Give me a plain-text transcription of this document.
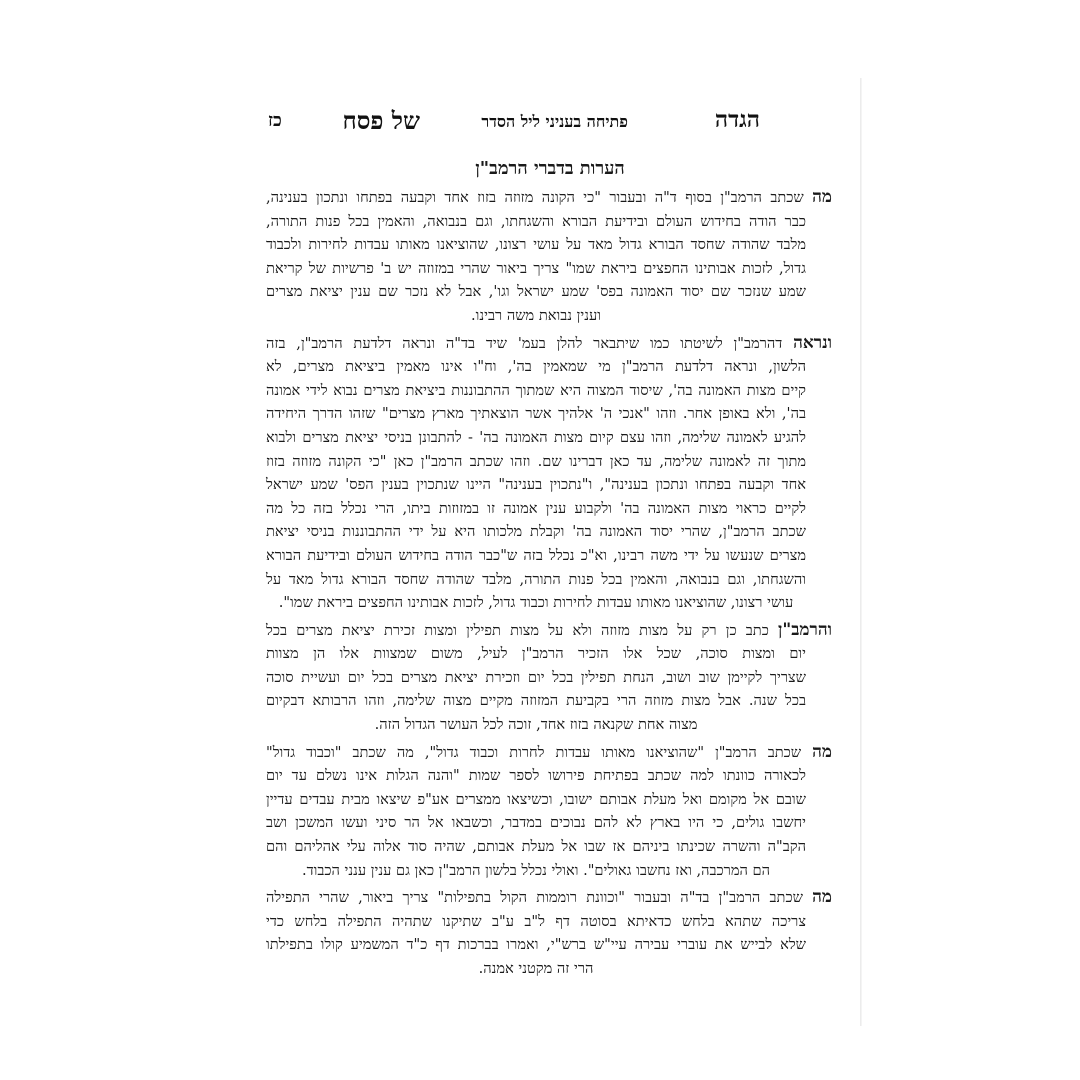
הגדה
פתיחה בעניני ליל הסדר
של פסח
כז
הערות בדברי הרמב"ן
מה שכתב הרמב"ן בסוף ד"ה ובעבור "כי הקונה מזוזה בזוז אחד וקבעה בפתחו ונתכון בענינה,
כבר הודה בחידוש העולם ובידיעת הבורא והשגחתו, וגם בנבואה, והאמין בכל פנות התורה,
מלבד שהודה שחסד הבורא גדול מאד על עושי רצונו, שהוציאנו מאותו עבדות לחירות ולכבוד
גדול, לזכות אבותינו החפצים ביראת שמו" צריך ביאור שהרי במזוזה יש ב' פרשיות של קריאת
שמע שנזכר שם יסוד האמונה בפס' שמע ישראל וגו', אבל לא נזכר שם ענין יציאת מצרים
וענין נבואת משה רבינו.
ונראה דהרמב"ן לשיטתו כמו שיתבאר להלן בעמ' שיד בד"ה ונראה דלדעת הרמב"ן, בזה
הלשון, ונראה דלדעת הרמב"ן מי שמאמין בה', וח"ו אינו מאמין ביציאת מצרים, לא
קיים מצות האמונה בה', שיסוד המצוה היא שמתוך ההתבוננות ביציאת מצרים נבוא לידי אמונה
בה', ולא באופן אחר. וזהו "אנכי ה' אלהיך אשר הוצאתיך מארץ מצרים" שזהו הדרך היחידה
להגיע לאמונה שלימה, וזהו עצם קיום מצות האמונה בה' - להתבונן בניסי יציאת מצרים ולבוא
מתוך זה לאמונה שלימה, עד כאן דברינו שם. וזהו שכתב הרמב"ן כאן "כי הקונה מזוזה בזוז
אחד וקבעה בפתחו ונתכון בענינה", ו"נתכוין בענינה" היינו שנתכוין בענין הפס' שמע ישראל
לקיים כראוי מצות האמונה בה' ולקבוע ענין אמונה זו במזוזות ביתו, הרי נכלל בזה כל מה
שכתב הרמב"ן, שהרי יסוד האמונה בה' וקבלת מלכותו היא על ידי ההתבוננות בניסי יציאת
מצרים שנעשו על ידי משה רבינו, וא"כ נכלל בזה ש"כבר הודה בחידוש העולם ובידיעת הבורא
והשגחתו, וגם בנבואה, והאמין בכל פנות התורה, מלבד שהודה שחסד הבורא גדול מאד על
עושי רצונו, שהוציאנו מאותו עבדות לחירות וכבוד גדול, לזכות אבותינו החפצים ביראת שמו".
והרמב"ן כתב כן רק על מצות מזוזה ולא על מצות תפילין ומצות זכירת יציאת מצרים בכל
יום ומצות סוכה, שכל אלו הזכיר הרמב"ן לעיל, משום שמצוות אלו הן מצוות
שצריך לקיימן שוב ושוב, הנחת תפילין בכל יום וזכירת יציאת מצרים בכל יום ועשיית סוכה
בכל שנה. אבל מצות מזוזה הרי בקביעת המזוזה מקיים מצוה שלימה, וזהו הרבותא דבקיום
מצוה אחת שקנאה בזוז אחד, זוכה לכל העושר הגדול הזה.
מה שכתב הרמב"ן "שהוציאנו מאותו עבדות לחרות וכבוד גדול", מה שכתב "וכבוד גדול"
לכאורה כוונתו למה שכתב בפתיחת פירושו לספר שמות "והנה הגלות אינו נשלם עד יום
שובם אל מקומם ואל מעלת אבותם ישובו, וכשיצאו ממצרים אע"פ שיצאו מבית עבדים עדיין
יחשבו גולים, כי היו בארץ לא להם נבוכים במדבר, וכשבאו אל הר סיני ועשו המשכן ושב
הקב"ה והשרה שכינתו ביניהם אז שבו אל מעלת אבותם, שהיה סוד אלוה עלי אהליהם והם
הם המרכבה, ואז נחשבו גאולים". ואולי נכלל בלשון הרמב"ן כאן גם ענין ענני הכבוד.
מה שכתב הרמב"ן בד"ה ובעבור "וכוונת רוממות הקול בתפילות" צריך ביאור, שהרי התפילה
צריכה שתהא בלחש כדאיתא בסוטה דף ל"ב ע"ב שתיקנו שתהיה התפילה בלחש כדי
שלא לבייש את עוברי עבירה עיי"ש ברש"י, ואמרו בברכות דף כ"ד המשמיע קולו בתפילתו
הרי זה מקטני אמנה.
